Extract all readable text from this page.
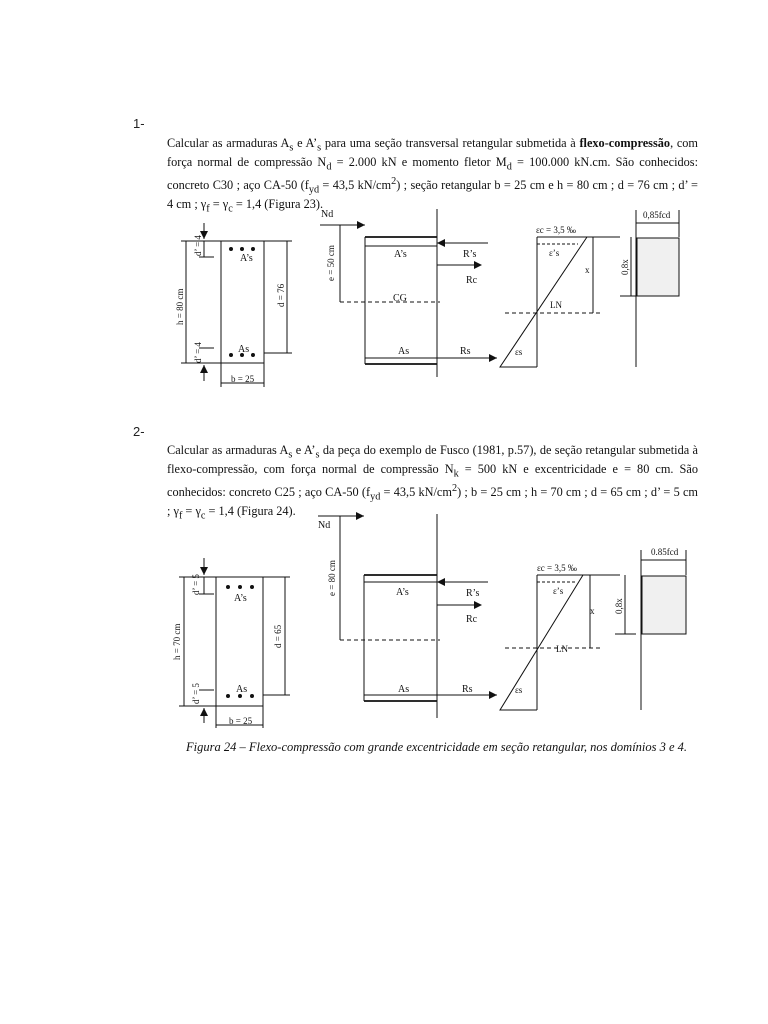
1-
Calcular as armaduras $A_s$ e $A’_s$ para uma seção transversal retangular submetida à flexo-compressão, com força normal de compressão $N_d = 2.000$ kN e momento fletor $M_d = 100.000$ kN.cm. São conhecidos: concreto C30 ; aço CA-50 ($f_{yd} = 43,5$ $kN/cm^2$) ; seção retangular b = 25 cm e h = 80 cm ; d = 76 cm ; d’ = 4 cm ; $\gamma_f = \gamma_c = 1,4$ (Figura 23).
A’s
As
d’ = 4
d’ = 4
h = 80 cm	d = 76
b = 25
Nd
e = 50 cm
CG
A’s
As
R’s
Rc
Rs
εc = 3,5 ‰
ε’s
εs
x	0,8x
LN
0,85fcd
2-
Calcular as armaduras $A_s$ e $A’_s$ da peça do exemplo de Fusco (1981, p.57), de seção retangular submetida à flexo-compressão, com força normal de compressão $N_k = 500$ kN e excentricidade e = 80 cm. São conhecidos: concreto C25 ; aço CA-50 ($f_{yd} = 43,5$ $kN/cm^2$) ; b = 25 cm ; h = 70 cm ; d = 65 cm ; d’ = 5 cm ; $\gamma_f = \gamma_c = 1,4$ (Figura 24).
A’s
As
d’ = 5
d’ = 5
h = 70 cm	d = 65
b = 25
Nd
e = 80 cm	A’s
As
R’s
Rc
Rs
εc = 3,5 ‰
ε’s
εs
x 0,8x
LN
0.85fcd
Figura 24 – Flexo-compressão com grande excentricidade em seção retangular, nos domínios 3 e 4.
